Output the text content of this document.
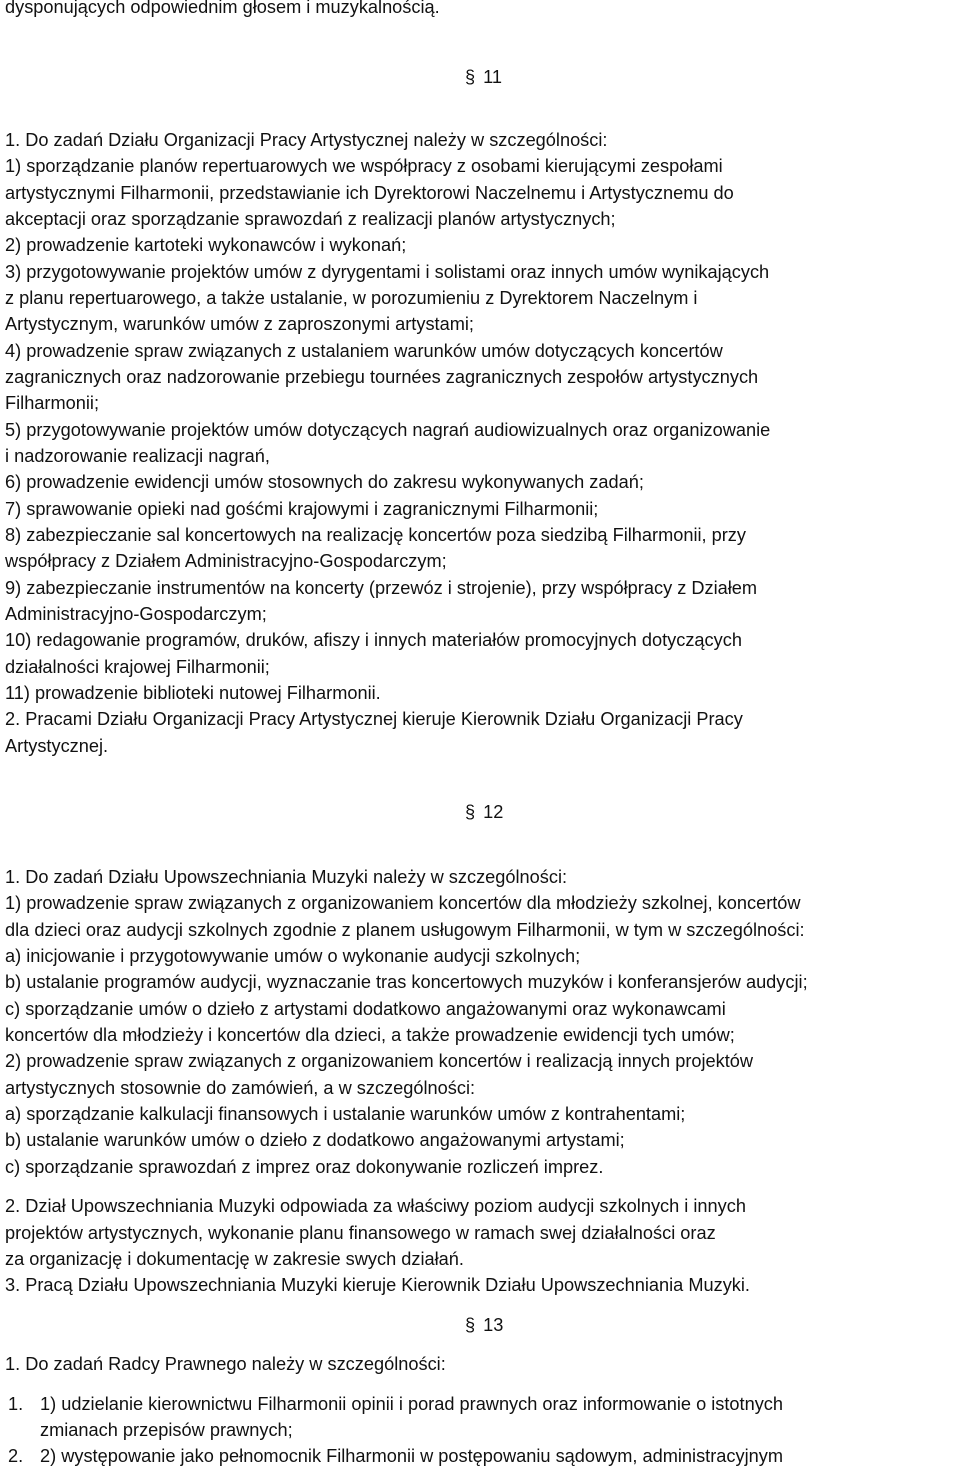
dysponujących odpowiednim głosem i muzykalnością.
§ 11
1. Do zadań Działu Organizacji Pracy Artystycznej należy w szczególności:
1) sporządzanie planów repertuarowych we współpracy z osobami kierującymi zespołami
artystycznymi Filharmonii, przedstawianie ich Dyrektorowi Naczelnemu i Artystycznemu do
akceptacji oraz sporządzanie sprawozdań z realizacji planów artystycznych;
2) prowadzenie kartoteki wykonawców i wykonań;
3) przygotowywanie projektów umów z dyrygentami i solistami oraz innych umów wynikających
z planu repertuarowego, a także ustalanie, w porozumieniu z Dyrektorem Naczelnym i
Artystycznym, warunków umów z zaproszonymi artystami;
4) prowadzenie spraw związanych z ustalaniem warunków umów dotyczących koncertów
zagranicznych oraz nadzorowanie przebiegu tournées zagranicznych zespołów artystycznych
Filharmonii;
5) przygotowywanie projektów umów dotyczących nagrań audiowizualnych oraz organizowanie
i nadzorowanie realizacji nagrań,
6) prowadzenie ewidencji umów stosownych do zakresu wykonywanych zadań;
7) sprawowanie opieki nad gośćmi krajowymi i zagranicznymi Filharmonii;
8) zabezpieczanie sal koncertowych na realizację koncertów poza siedzibą Filharmonii, przy
współpracy z Działem Administracyjno-Gospodarczym;
9) zabezpieczanie instrumentów na koncerty (przewóz i strojenie), przy współpracy z Działem
Administracyjno-Gospodarczym;
10) redagowanie programów, druków, afiszy i innych materiałów promocyjnych dotyczących
działalności krajowej Filharmonii;
11) prowadzenie biblioteki nutowej Filharmonii.
2. Pracami Działu Organizacji Pracy Artystycznej kieruje Kierownik Działu Organizacji Pracy
Artystycznej.
§ 12
1. Do zadań Działu Upowszechniania Muzyki należy w szczególności:
1) prowadzenie spraw związanych z organizowaniem koncertów dla młodzieży szkolnej, koncertów
dla dzieci oraz audycji szkolnych zgodnie z planem usługowym Filharmonii, w tym w szczególności:
a) inicjowanie i przygotowywanie umów o wykonanie audycji szkolnych;
b) ustalanie programów audycji, wyznaczanie tras koncertowych muzyków i konferansjerów audycji;
c) sporządzanie umów o dzieło z artystami dodatkowo angażowanymi oraz wykonawcami
koncertów dla młodzieży i koncertów dla dzieci, a także prowadzenie ewidencji tych umów;
2) prowadzenie spraw związanych z organizowaniem koncertów i realizacją innych projektów
artystycznych stosownie do zamówień, a w szczególności:
a) sporządzanie kalkulacji finansowych i ustalanie warunków umów z kontrahentami;
b) ustalanie warunków umów o dzieło z dodatkowo angażowanymi artystami;
c) sporządzanie sprawozdań z imprez oraz dokonywanie rozliczeń imprez.
2. Dział Upowszechniania Muzyki odpowiada za właściwy poziom audycji szkolnych i innych
projektów artystycznych, wykonanie planu finansowego w ramach swej działalności oraz
za organizację i dokumentację w zakresie swych działań.
3. Pracą Działu Upowszechniania Muzyki kieruje Kierownik Działu Upowszechniania Muzyki.
§ 13
1. Do zadań Radcy Prawnego należy w szczególności:
1. 1) udzielanie kierownictwu Filharmonii opinii i porad prawnych oraz informowanie o istotnych
zmianach przepisów prawnych;
2. 2) występowanie jako pełnomocnik Filharmonii w postępowaniu sądowym, administracyjnym
